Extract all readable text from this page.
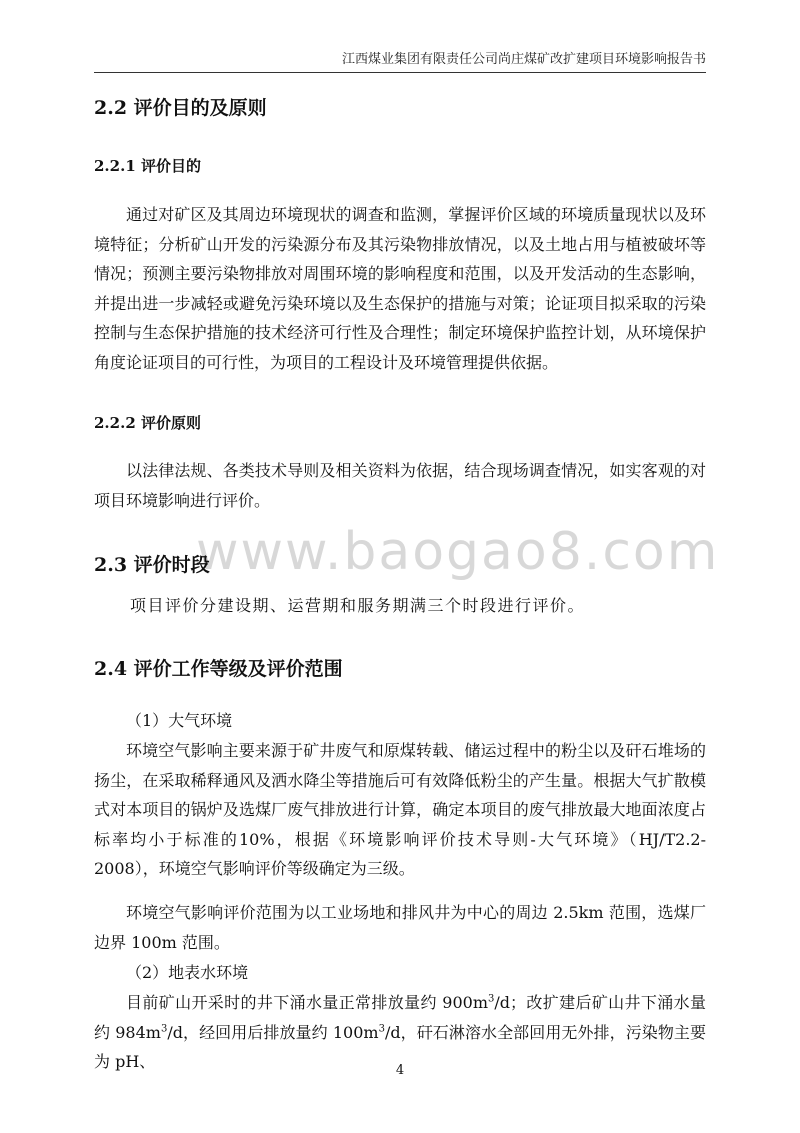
江西煤业集团有限责任公司尚庄煤矿改扩建项目环境影响报告书
www.baogao8.com
2.2 评价目的及原则
2.2.1 评价目的

通过对矿区及其周边环境现状的调查和监测，掌握评价区域的环境质量现状以及环境特征；分析矿山开发的污染源分布及其污染物排放情况，以及土地占用与植被破坏等情况；预测主要污染物排放对周围环境的影响程度和范围，以及开发活动的生态影响，并提出进一步减轻或避免污染环境以及生态保护的措施与对策；论证项目拟采取的污染控制与生态保护措施的技术经济可行性及合理性；制定环境保护监控计划，从环境保护角度论证项目的可行性，为项目的工程设计及环境管理提供依据。

2.2.2 评价原则

以法律法规、各类技术导则及相关资料为依据，结合现场调查情况，如实客观的对项目环境影响进行评价。

2.3 评价时段

项目评价分建设期、运营期和服务期满三个时段进行评价。

2.4 评价工作等级及评价范围

（1）大气环境

环境空气影响主要来源于矿井废气和原煤转载、储运过程中的粉尘以及矸石堆场的扬尘，在采取稀释通风及洒水降尘等措施后可有效降低粉尘的产生量。根据大气扩散模式对本项目的锅炉及选煤厂废气排放进行计算，确定本项目的废气排放最大地面浓度占标率均小于标准的10%，根据《环境影响评价技术导则-大气环境》（HJ/T2.2-2008），环境空气影响评价等级确定为三级。

环境空气影响评价范围为以工业场地和排风井为中心的周边 2.5km 范围，选煤厂边界 100m 范围。

（2）地表水环境

目前矿山开采时的井下涌水量正常排放量约 $900m^3/d$；改扩建后矿山井下涌水量约 $984m^3/d$，经回用后排放量约 $100m^3/d$，矸石淋溶水全部回用无外排，污染物主要为 pH、	4
